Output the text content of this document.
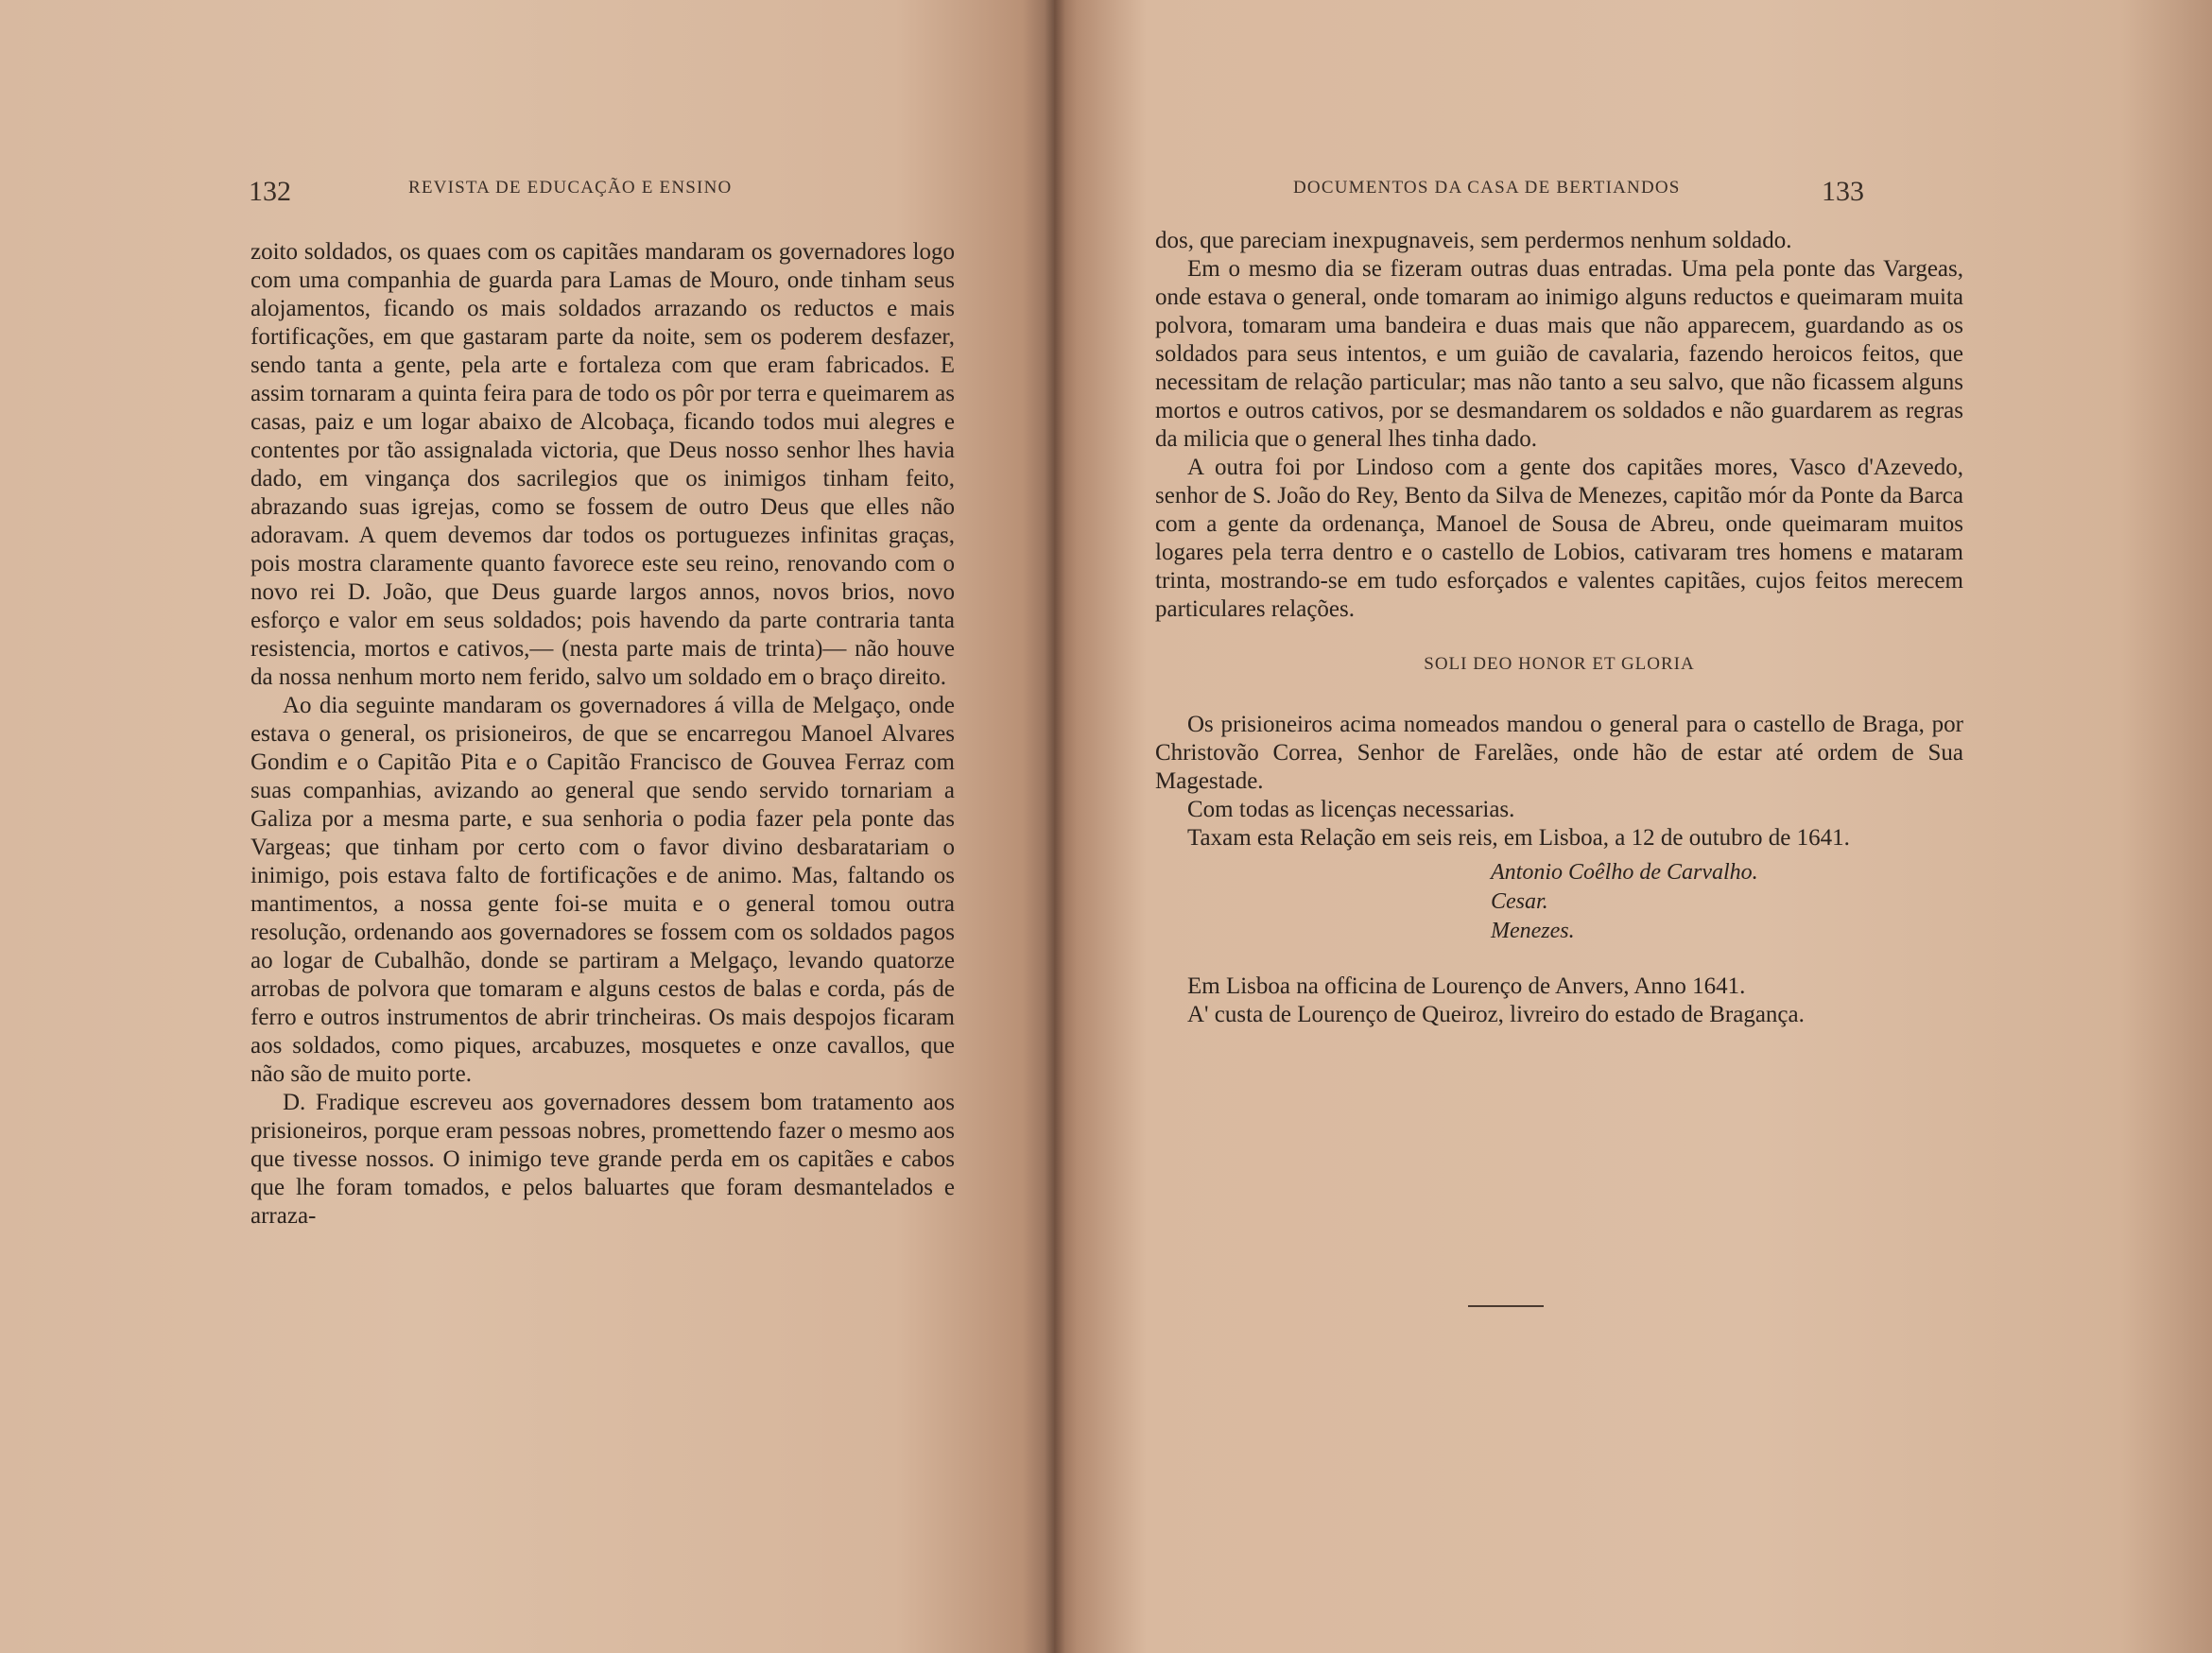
132	REVISTA DE EDUCAÇÃO E ENSINO

zoito soldados, os quaes com os capitães mandaram os governadores logo com uma companhia de guarda para Lamas de Mouro, onde tinham seus alojamentos, ficando os mais soldados arrazando os reductos e mais fortificações, em que gastaram parte da noite, sem os poderem desfazer, sendo tanta a gente, pela arte e fortaleza com que eram fabricados. E assim tornaram a quinta feira para de todo os pôr por terra e queimarem as casas, paiz e um logar abaixo de Alcobaça, ficando todos mui alegres e contentes por tão assignalada victoria, que Deus nosso senhor lhes havia dado, em vingança dos sacrilegios que os inimigos tinham feito, abrazando suas igrejas, como se fossem de outro Deus que elles não adoravam. A quem devemos dar todos os portuguezes infinitas graças, pois mostra claramente quanto favorece este seu reino, renovando com o novo rei D. João, que Deus guarde largos annos, novos brios, novo esforço e valor em seus soldados; pois havendo da parte contraria tanta resistencia, mortos e cativos,— (nesta parte mais de trinta)— não houve da nossa nenhum morto nem ferido, salvo um soldado em o braço direito.

Ao dia seguinte mandaram os governadores á villa de Melgaço, onde estava o general, os prisioneiros, de que se encarregou Manoel Alvares Gondim e o Capitão Pita e o Capitão Francisco de Gouvea Ferraz com suas companhias, avizando ao general que sendo servido tornariam a Galiza por a mesma parte, e sua senhoria o podia fazer pela ponte das Vargeas; que tinham por certo com o favor divino desbaratariam o inimigo, pois estava falto de fortificações e de animo. Mas, faltando os mantimentos, a nossa gente foi-se muita e o general tomou outra resolução, ordenando aos governadores se fossem com os soldados pagos ao logar de Cubalhão, donde se partiram a Melgaço, levando quatorze arrobas de polvora que tomaram e alguns cestos de balas e corda, pás de ferro e outros instrumentos de abrir trincheiras. Os mais despojos ficaram aos soldados, como piques, arcabuzes, mosquetes e onze cavallos, que não são de muito porte.

D. Fradique escreveu aos governadores dessem bom tratamento aos prisioneiros, porque eram pessoas nobres, promettendo fazer o mesmo aos que tivesse nossos. O inimigo teve grande perda em os capitães e cabos que lhe foram tomados, e pelos baluartes que foram desmantelados e arraza-

DOCUMENTOS DA CASA DE BERTIANDOS	133

dos, que pareciam inexpugnaveis, sem perdermos nenhum soldado.

Em o mesmo dia se fizeram outras duas entradas. Uma pela ponte das Vargeas, onde estava o general, onde tomaram ao inimigo alguns reductos e queimaram muita polvora, tomaram uma bandeira e duas mais que não apparecem, guardando as os soldados para seus intentos, e um guião de cavalaria, fazendo heroicos feitos, que necessitam de relação particular; mas não tanto a seu salvo, que não ficassem alguns mortos e outros cativos, por se desmandarem os soldados e não guardarem as regras da milicia que o general lhes tinha dado.

A outra foi por Lindoso com a gente dos capitães mores, Vasco d'Azevedo, senhor de S. João do Rey, Bento da Silva de Menezes, capitão mór da Ponte da Barca com a gente da ordenança, Manoel de Sousa de Abreu, onde queimaram muitos logares pela terra dentro e o castello de Lobios, cativaram tres homens e mataram trinta, mostrando-se em tudo esforçados e valentes capitães, cujos feitos merecem particulares relações.

SOLI DEO HONOR ET GLORIA

Os prisioneiros acima nomeados mandou o general para o castello de Braga, por Christovão Correa, Senhor de Farelães, onde hão de estar até ordem de Sua Magestade.

Com todas as licenças necessarias.

Taxam esta Relação em seis reis, em Lisboa, a 12 de outubro de 1641.

Antonio Coêlho de Carvalho.
Cesar.
Menezes.

Em Lisboa na officina de Lourenço de Anvers, Anno 1641.

A' custa de Lourenço de Queiroz, livreiro do estado de Bragança.
